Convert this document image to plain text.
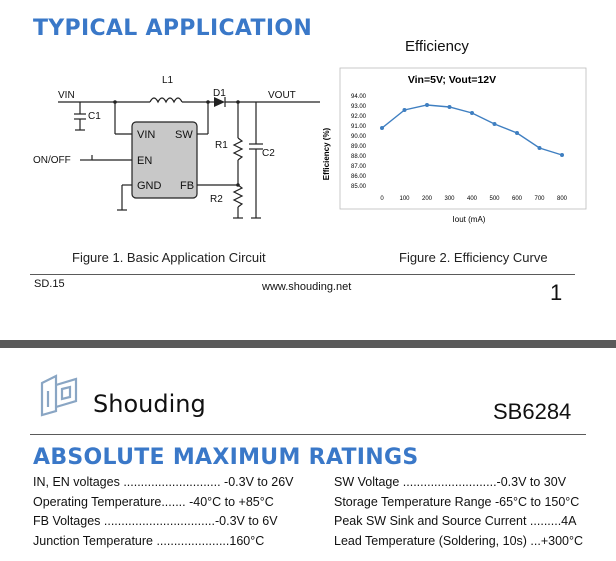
TYPICAL APPLICATION
VIN SW
EN
GND FB
VIN	VOUT
L1
D1
C1
C2
R1
R2
ON/OFF
Figure 1. Basic Application Circuit
Efficiency
Vin=5V; Vout=12V
Efficiency (%)
Iout (mA)
85.00
86.00
87.00
88.00
89.00
90.00
91.00
92.00
93.00
94.00
0	100 200 300 400 500 600 700 800
Figure 2. Efficiency Curve
SD.15	www.shouding.net	1
Shouding	SB6284
ABSOLUTE MAXIMUM RATINGS
IN, EN voltages ............................ -0.3V to 26V
Operating Temperature....... -40°C to +85°C
FB Voltages ................................-0.3V to 6V
Junction Temperature .....................160°C
SW Voltage ...........................-0.3V to 30V
Storage Temperature Range -65°C to 150°C
Peak SW Sink and Source Current .........4A
Lead Temperature (Soldering, 10s) ...+300°C
